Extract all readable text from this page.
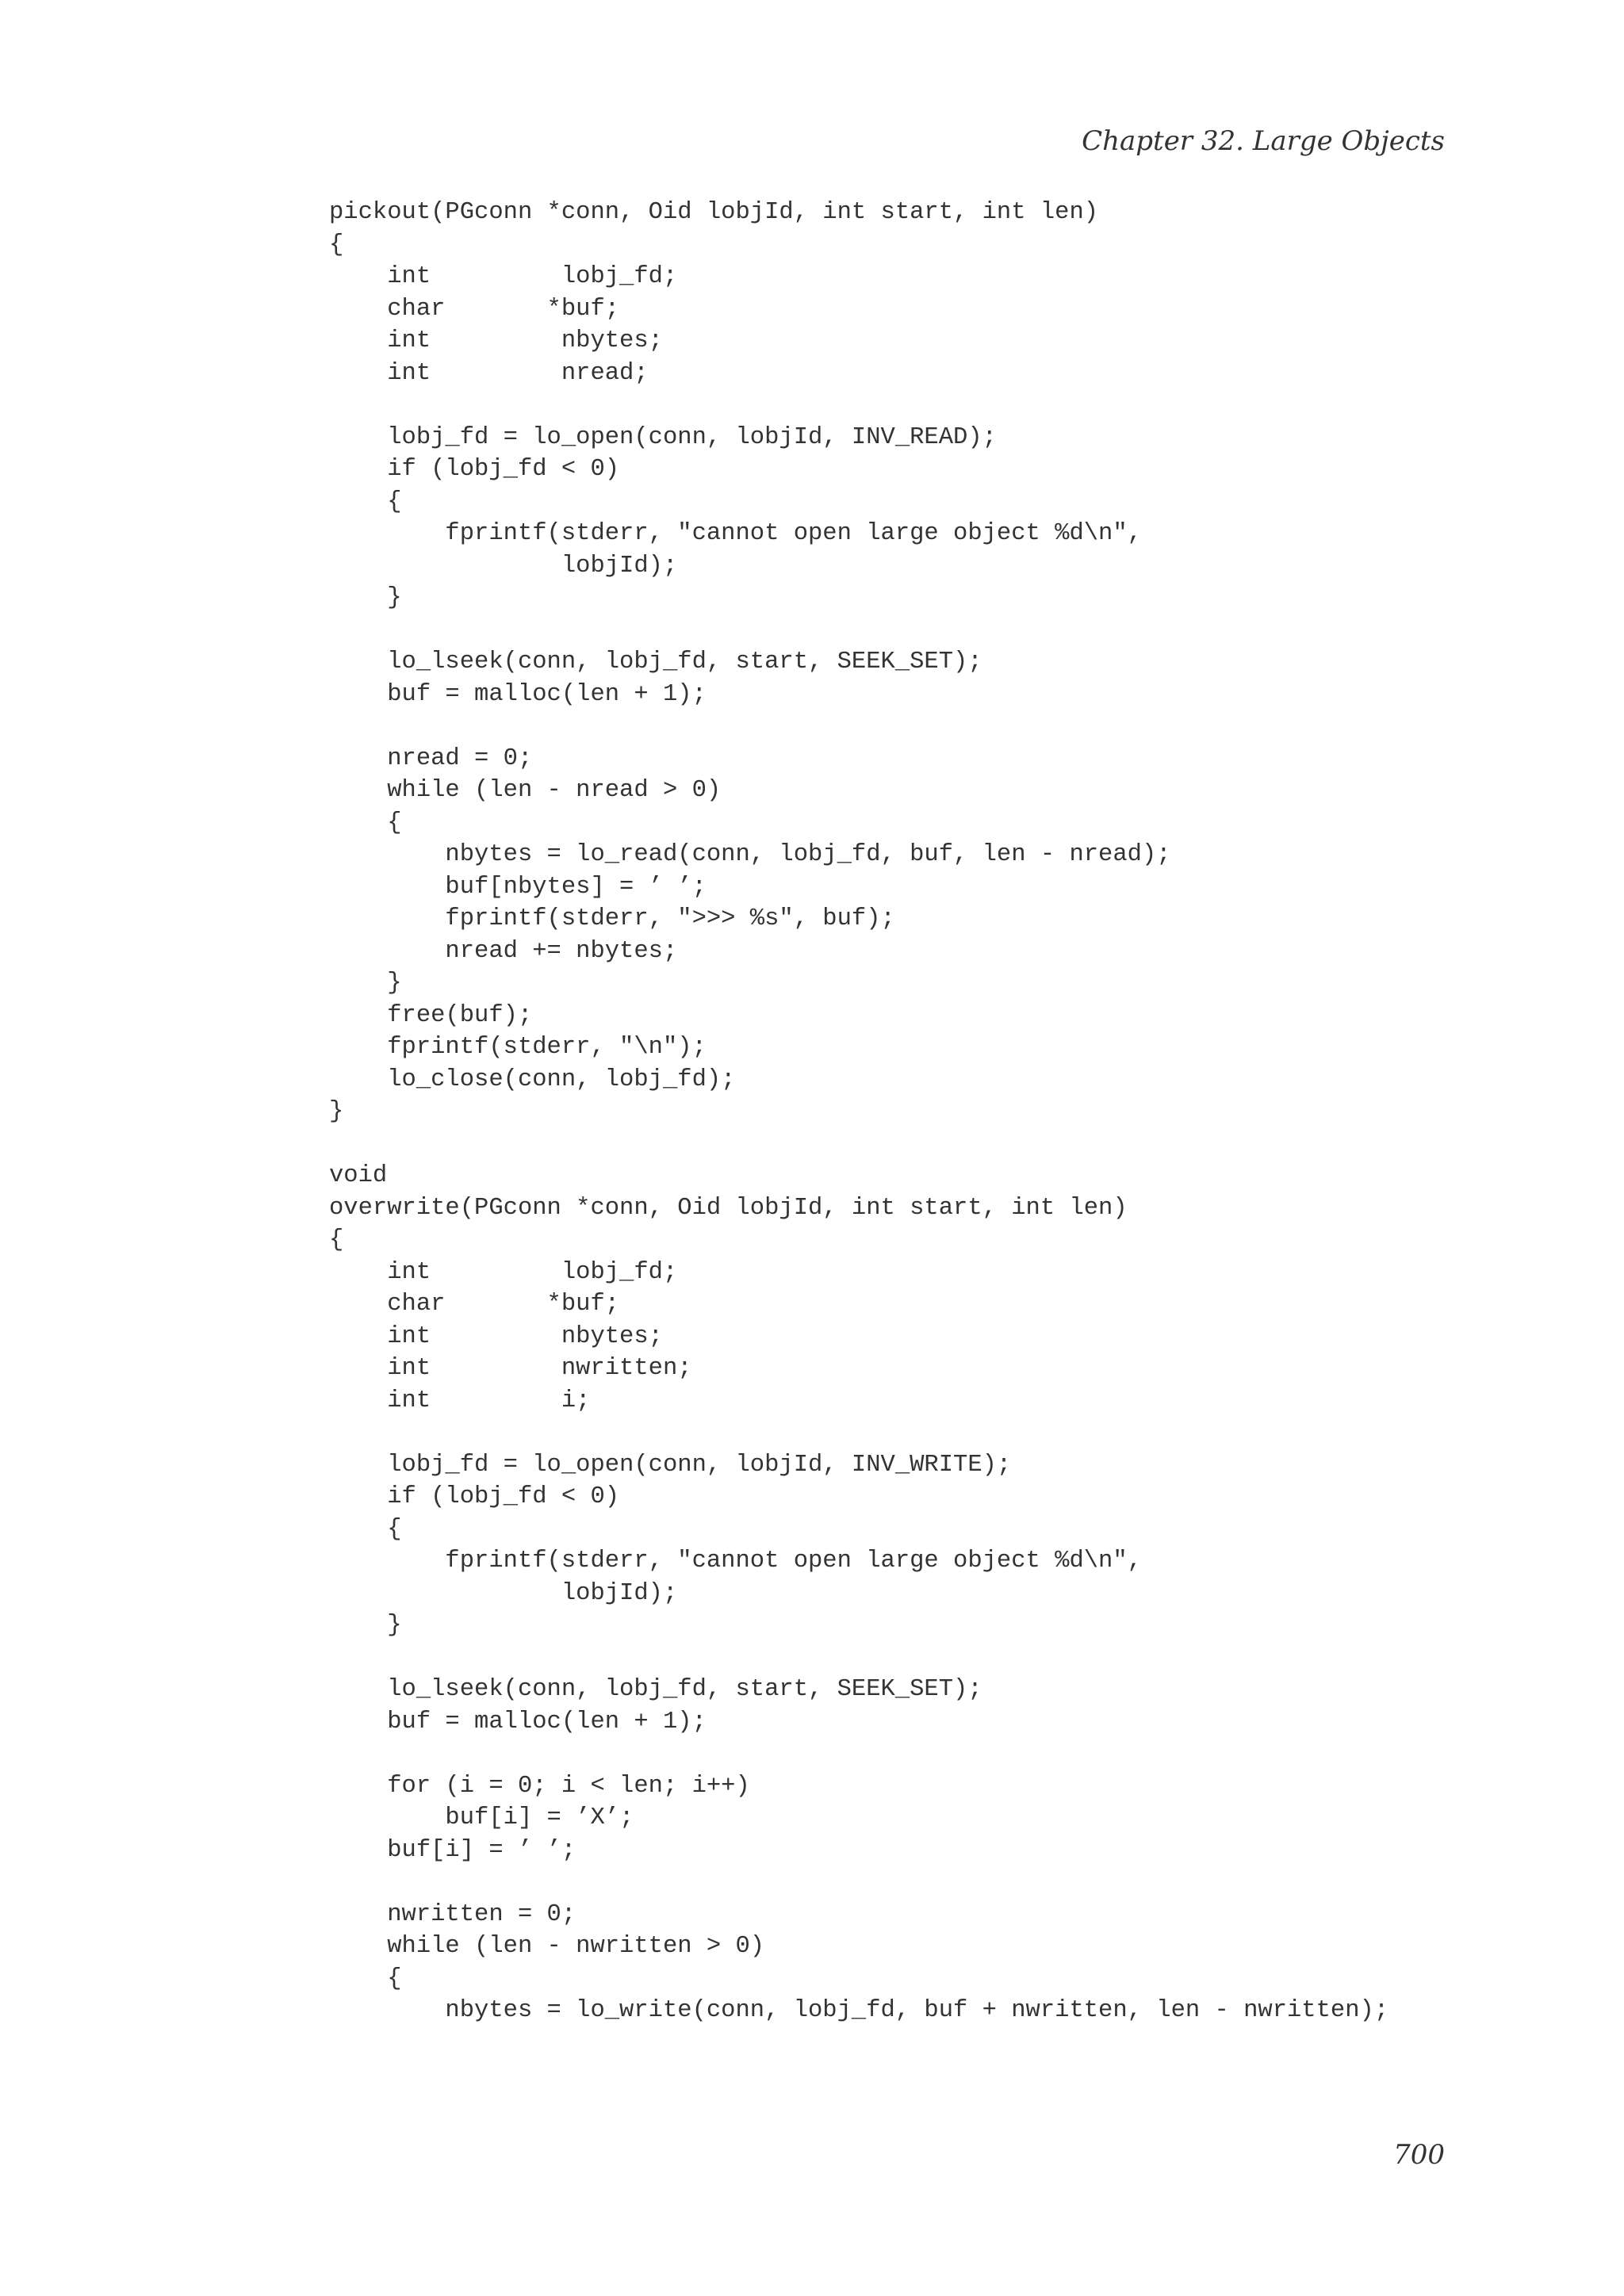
Chapter 32. Large Objects
pickout(PGconn *conn, Oid lobjId, int start, int len)
{
int         lobj_fd;
char       *buf;
int         nbytes;
int         nread;
lobj_fd = lo_open(conn, lobjId, INV_READ);
if (lobj_fd < 0)
{
fprintf(stderr, "cannot open large object %d\n",
lobjId);
}
lo_lseek(conn, lobj_fd, start, SEEK_SET);
buf = malloc(len + 1);
nread = 0;
while (len - nread > 0)
{
nbytes = lo_read(conn, lobj_fd, buf, len - nread);
buf[nbytes] = ’ ’;
fprintf(stderr, ">>> %s", buf);
nread += nbytes;
}
free(buf);
fprintf(stderr, "\n");
lo_close(conn, lobj_fd);
}
void
overwrite(PGconn *conn, Oid lobjId, int start, int len)
{
int         lobj_fd;
char       *buf;
int         nbytes;
int         nwritten;
int         i;
lobj_fd = lo_open(conn, lobjId, INV_WRITE);
if (lobj_fd < 0)
{
fprintf(stderr, "cannot open large object %d\n",
lobjId);
}
lo_lseek(conn, lobj_fd, start, SEEK_SET);
buf = malloc(len + 1);
for (i = 0; i < len; i++)
buf[i] = ’X’;
buf[i] = ’ ’;
nwritten = 0;
while (len - nwritten > 0)
{
nbytes = lo_write(conn, lobj_fd, buf + nwritten, len - nwritten);
700
